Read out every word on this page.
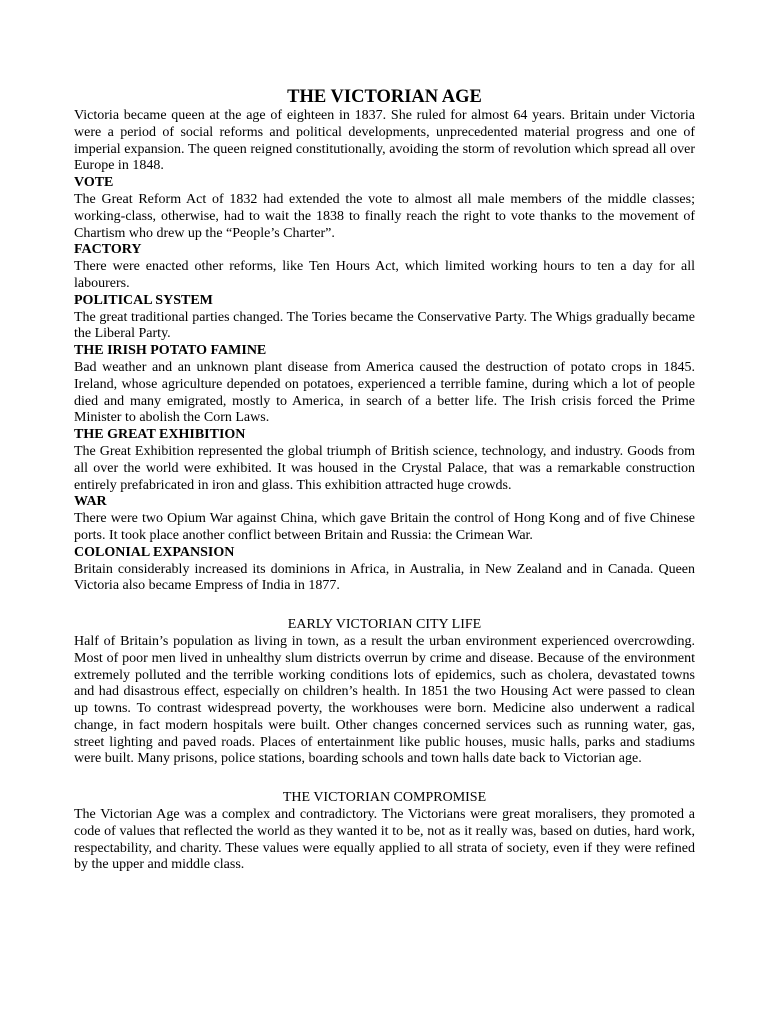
THE VICTORIAN AGE

Victoria became queen at the age of eighteen in 1837. She ruled for almost 64 years. Britain under Victoria were a period of social reforms and political developments, unprecedented material progress and one of imperial expansion. The queen reigned constitutionally, avoiding the storm of revolution which spread all over Europe in 1848.

VOTE

The Great Reform Act of 1832 had extended the vote to almost all male members of the middle classes; working-class, otherwise, had to wait the 1838 to finally reach the right to vote thanks to the movement of Chartism who drew up the “People’s Charter”.

FACTORY

There were enacted other reforms, like Ten Hours Act, which limited working hours to ten a day for all labourers.

POLITICAL SYSTEM

The great traditional parties changed. The Tories became the Conservative Party. The Whigs gradually became the Liberal Party.

THE IRISH POTATO FAMINE

Bad weather and an unknown plant disease from America caused the destruction of potato crops in 1845. Ireland, whose agriculture depended on potatoes, experienced a terrible famine, during which a lot of people died and many emigrated, mostly to America, in search of a better life. The Irish crisis forced the Prime Minister to abolish the Corn Laws.

THE GREAT EXHIBITION

The Great Exhibition represented the global triumph of British science, technology, and industry. Goods from all over the world were exhibited. It was housed in the Crystal Palace, that was a remarkable construction entirely prefabricated in iron and glass. This exhibition attracted huge crowds.

WAR

There were two Opium War against China, which gave Britain the control of Hong Kong and of five Chinese ports. It took place another conflict between Britain and Russia: the Crimean War.

COLONIAL EXPANSION

Britain considerably increased its dominions in Africa, in Australia, in New Zealand and in Canada. Queen Victoria also became Empress of India in 1877.

EARLY VICTORIAN CITY LIFE

Half of Britain’s population as living in town, as a result the urban environment experienced overcrowding. Most of poor men lived in unhealthy slum districts overrun by crime and disease. Because of the environment extremely polluted and the terrible working conditions lots of epidemics, such as cholera, devastated towns and had disastrous effect, especially on children’s health. In 1851 the two Housing Act were passed to clean up towns. To contrast widespread poverty, the workhouses were born. Medicine also underwent a radical change, in fact modern hospitals were built. Other changes concerned services such as running water, gas, street lighting and paved roads. Places of entertainment like public houses, music halls, parks and stadiums were built. Many prisons, police stations, boarding schools and town halls date back to Victorian age.

THE VICTORIAN COMPROMISE

The Victorian Age was a complex and contradictory. The Victorians were great moralisers, they promoted a code of values that reflected the world as they wanted it to be, not as it really was, based on duties, hard work, respectability, and charity. These values were equally applied to all strata of society, even if they were refined by the upper and middle class.
